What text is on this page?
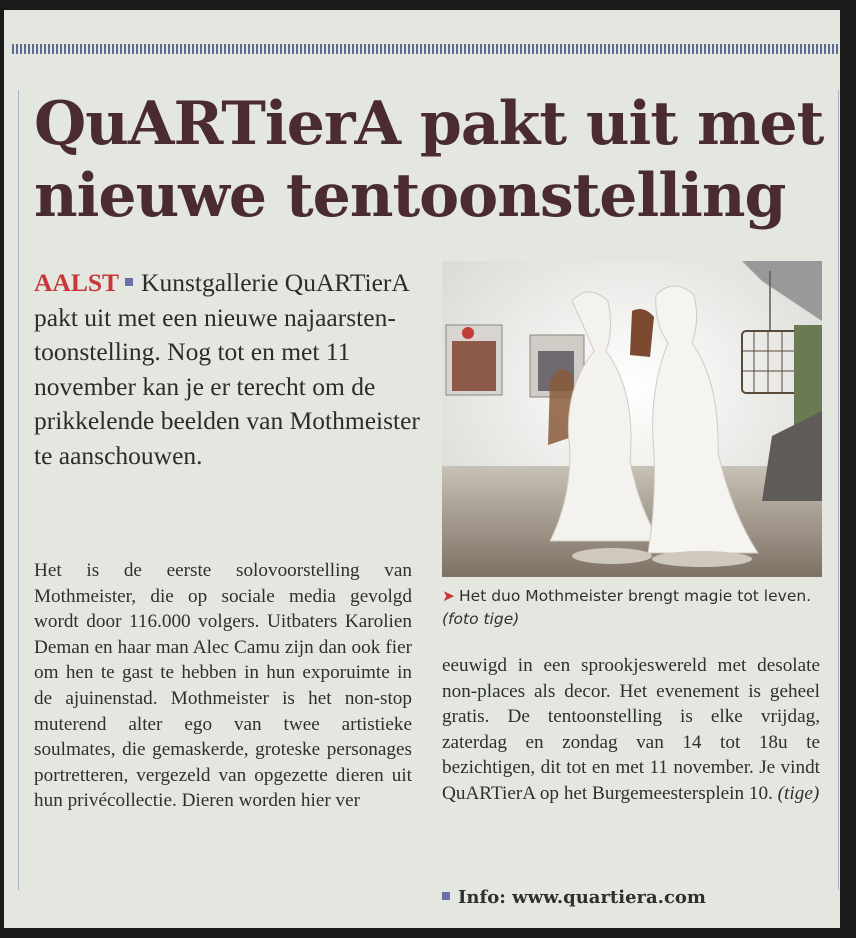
QuARTierA pakt uit met
nieuwe tentoonstelling

AALST Kunstgallerie QuARTierA pakt uit met een nieuwe najaarstentoonstelling. Nog tot en met 11 november kan je er terecht om de prikkelende beelden van Mothmeister te aanschouwen.

Het is de eerste solovoorstelling van Mothmeister, die op sociale media gevolgd wordt door 116.000 volgers. Uitbaters Karolien Deman en haar man Alec Camu zijn dan ook fier om hen te gast te hebben in hun exporuimte in de ajuinenstad. Mothmeister is het non-stop muterend alter ego van twee artistieke soulmates, die gemaskerde, groteske personages portretteren, vergezeld van opgezette dieren uit hun privécollectie. Dieren worden hier ver

➤ Het duo Mothmeister brengt magie tot leven. (foto tige)

eeuwigd in een sprookjeswereld met desolate non-places als decor. Het evenement is geheel gratis. De tentoonstelling is elke vrijdag, zaterdag en zondag van 14 tot 18u te bezichtigen, dit tot en met 11 november. Je vindt QuARTierA op het Burgemeestersplein 10. (tige)

Info: www.quartiera.com
